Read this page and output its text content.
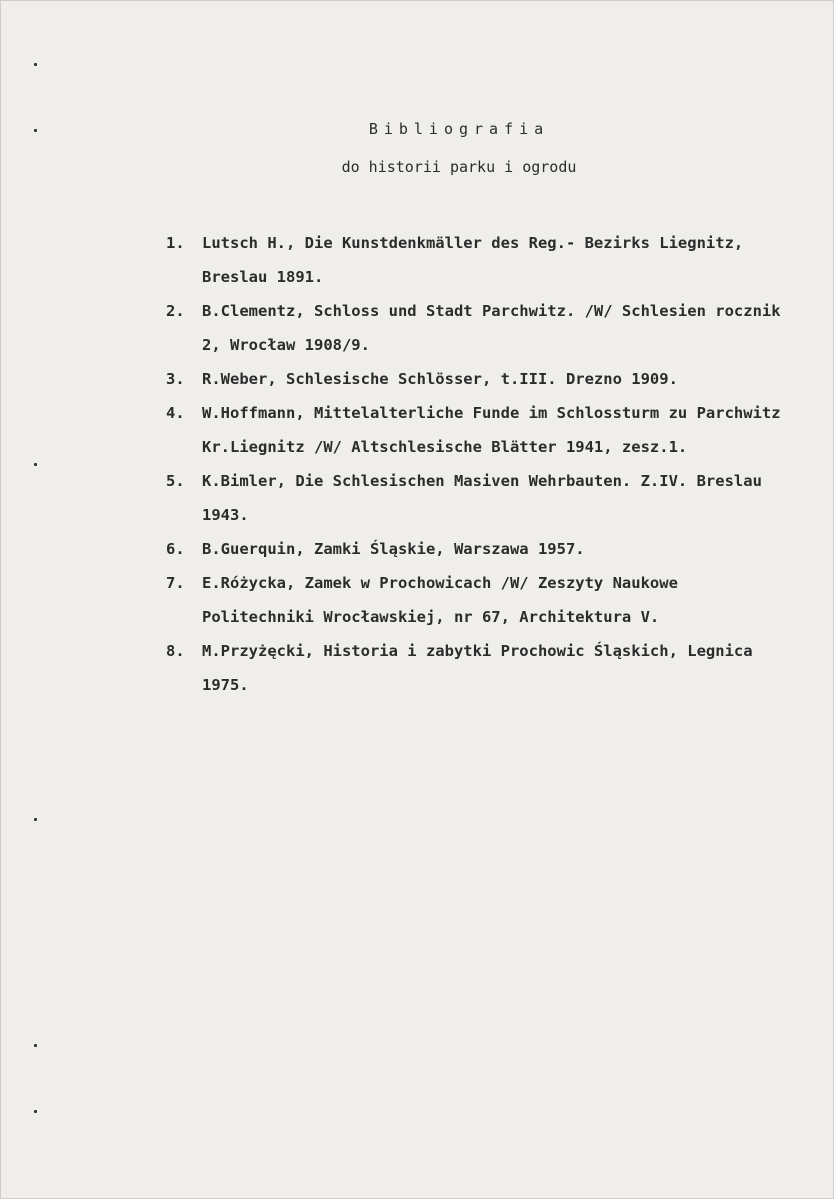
Bibliografia
do historii parku i ogrodu
1.	Lutsch H., Die Kunstdenkmäller des Reg.- Bezirks Liegnitz, Breslau 1891.
2.	B.Clementz, Schloss und Stadt Parchwitz. /W/ Schlesien rocznik 2, Wrocław 1908/9.
3.	R.Weber, Schlesische Schlösser, t.III. Drezno 1909.
4.	W.Hoffmann, Mittelalterliche Funde im Schlossturm zu Parchwitz Kr.Liegnitz /W/ Altschlesische Blätter 1941, zesz.1.
5.	K.Bimler, Die Schlesischen Masiven Wehrbauten. Z.IV. Breslau 1943.
6.	B.Guerquin, Zamki Śląskie, Warszawa 1957.
7.	E.Różycka, Zamek w Prochowicach /W/ Zeszyty Naukowe Politechniki Wrocławskiej, nr 67, Architektura V.
8.	M.Przyżęcki, Historia i zabytki Prochowic Śląskich, Legnica 1975.
